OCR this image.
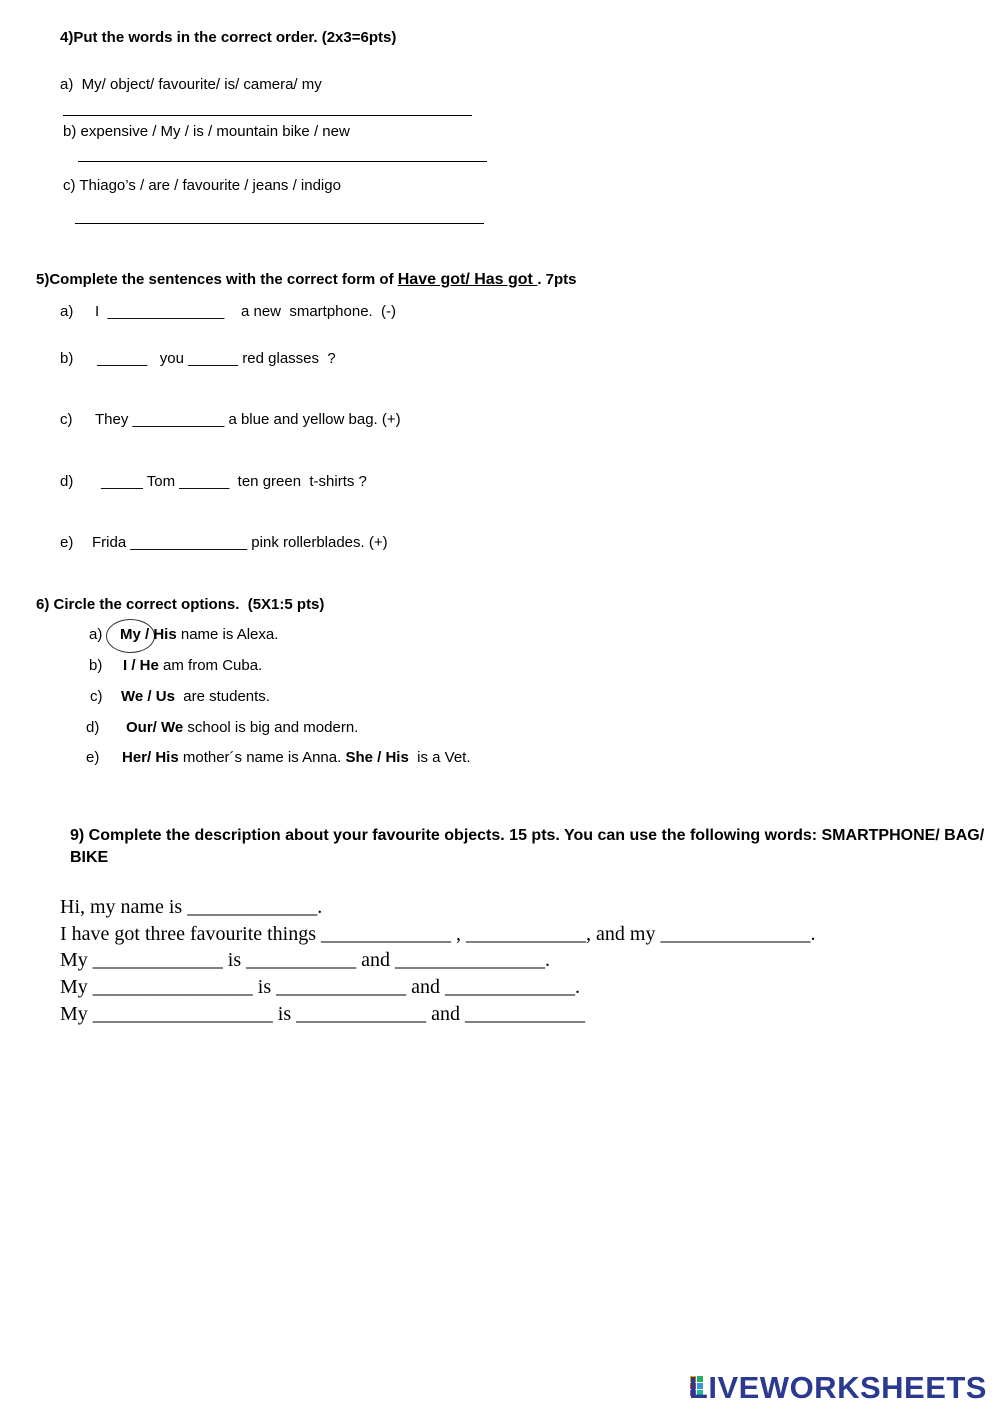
4)Put the words in the correct order. (2x3=6pts)
a)  My/ object/ favourite/ is/ camera/ my
b) expensive / My / is / mountain bike / new
c) Thiago’s / are / favourite / jeans / indigo
5)Complete the sentences with the correct form of Have got/ Has got . 7pts
a) I  ______________    a new  smartphone.  (-)
b) ______   you ______ red glasses  ?
c) They ___________ a blue and yellow bag. (+)
d) _____ Tom ______  ten green  t-shirts ?
e) Frida ______________ pink rollerblades. (+)
6) Circle the correct options.  (5X1:5 pts)
a) My / His name is Alexa.
b) I / He am from Cuba.
c) We / Us  are students.
d) Our/ We school is big and modern.
e) Her/ His mother´s name is Anna. She / His  is a Vet.
9) Complete the description about your favourite objects. 15 pts. You can use the following words: SMARTPHONE/ BAG/ BIKE
Hi, my name is _____________.
I have got three favourite things _____________ , ____________, and my _______________.
My _____________ is ___________ and _______________.
My ________________ is _____________ and _____________.
My __________________ is _____________ and ____________
LIVEWORKSHEETS
